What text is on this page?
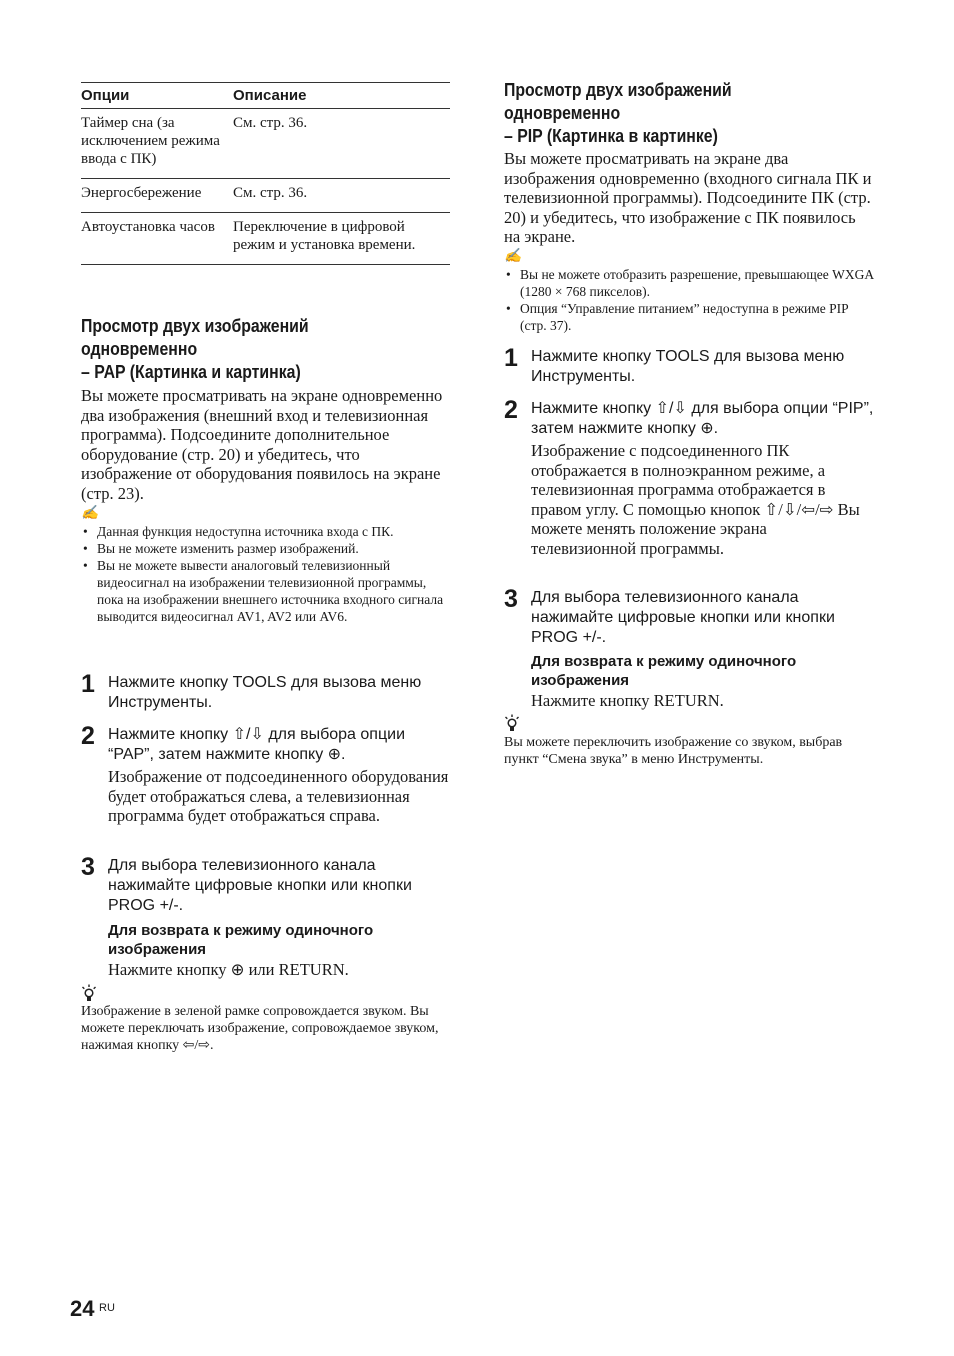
Опции	Описание
Таймер сна (за исключением режима ввода с ПК)	См. стр. 36.
Энергосбережение	См. стр. 36.
Автоустановка часов	Переключение в цифровой режим и установка времени.
Просмотр двух изображений
одновременно
– PAP (Картинка и картинка)
Вы можете просматривать на экране одновременно два изображения (внешний вход и телевизионная программа). Подсоедините дополнительное оборудование (стр. 20) и убедитесь, что изображение от оборудования появилось на экране (стр. 23).
✍
• Данная функция недоступна источника входа с ПК.
• Вы не можете изменить размер изображений.
• Вы не можете вывести аналоговый телевизионный видеосигнал на изображении телевизионной программы, пока на изображении внешнего источника входного сигнала выводится видеосигнал AV1, AV2 или AV6.
1 Нажмите кнопку TOOLS для вызова меню Инструменты.
2 Нажмите кнопку ⇧/⇩ для выбора опции “PAP”, затем нажмите кнопку ⊕.
Изображение от подсоединенного оборудования будет отображаться слева, а телевизионная программа будет отображаться справа.
3 Для выбора телевизионного канала нажимайте цифровые кнопки или кнопки PROG +/-.
Для возврата к режиму одиночного изображения
Нажмите кнопку ⊕ или RETURN.
Изображение в зеленой рамке сопровождается звуком. Вы можете переключать изображение, сопровождаемое звуком, нажимая кнопку ⇦/⇨.
Просмотр двух изображений
одновременно
– PIP (Картинка в картинке)
Вы можете просматривать на экране два изображения одновременно (входного сигнала ПК и телевизионной программы). Подсоедините ПК (стр. 20) и убедитесь, что изображение с ПК появилось на экране.
✍
• Вы не можете отобразить разрешение, превышающее WXGA (1280 × 768 пикселов).
• Опция “Управление питанием” недоступна в режиме PIP (стр. 37).
1 Нажмите кнопку TOOLS для вызова меню Инструменты.
2 Нажмите кнопку ⇧/⇩ для выбора опции “PIP”, затем нажмите кнопку ⊕.
Изображение с подсоединенного ПК отображается в полноэкранном режиме, а телевизионная программа отображается в правом углу. С помощью кнопок ⇧/⇩/⇦/⇨ Вы можете менять положение экрана телевизионной программы.
3 Для выбора телевизионного канала нажимайте цифровые кнопки или кнопки PROG +/-.
Для возврата к режиму одиночного изображения
Нажмите кнопку RETURN.
Вы можете переключить изображение со звуком, выбрав пункт “Смена звука” в меню Инструменты.
24 RU
